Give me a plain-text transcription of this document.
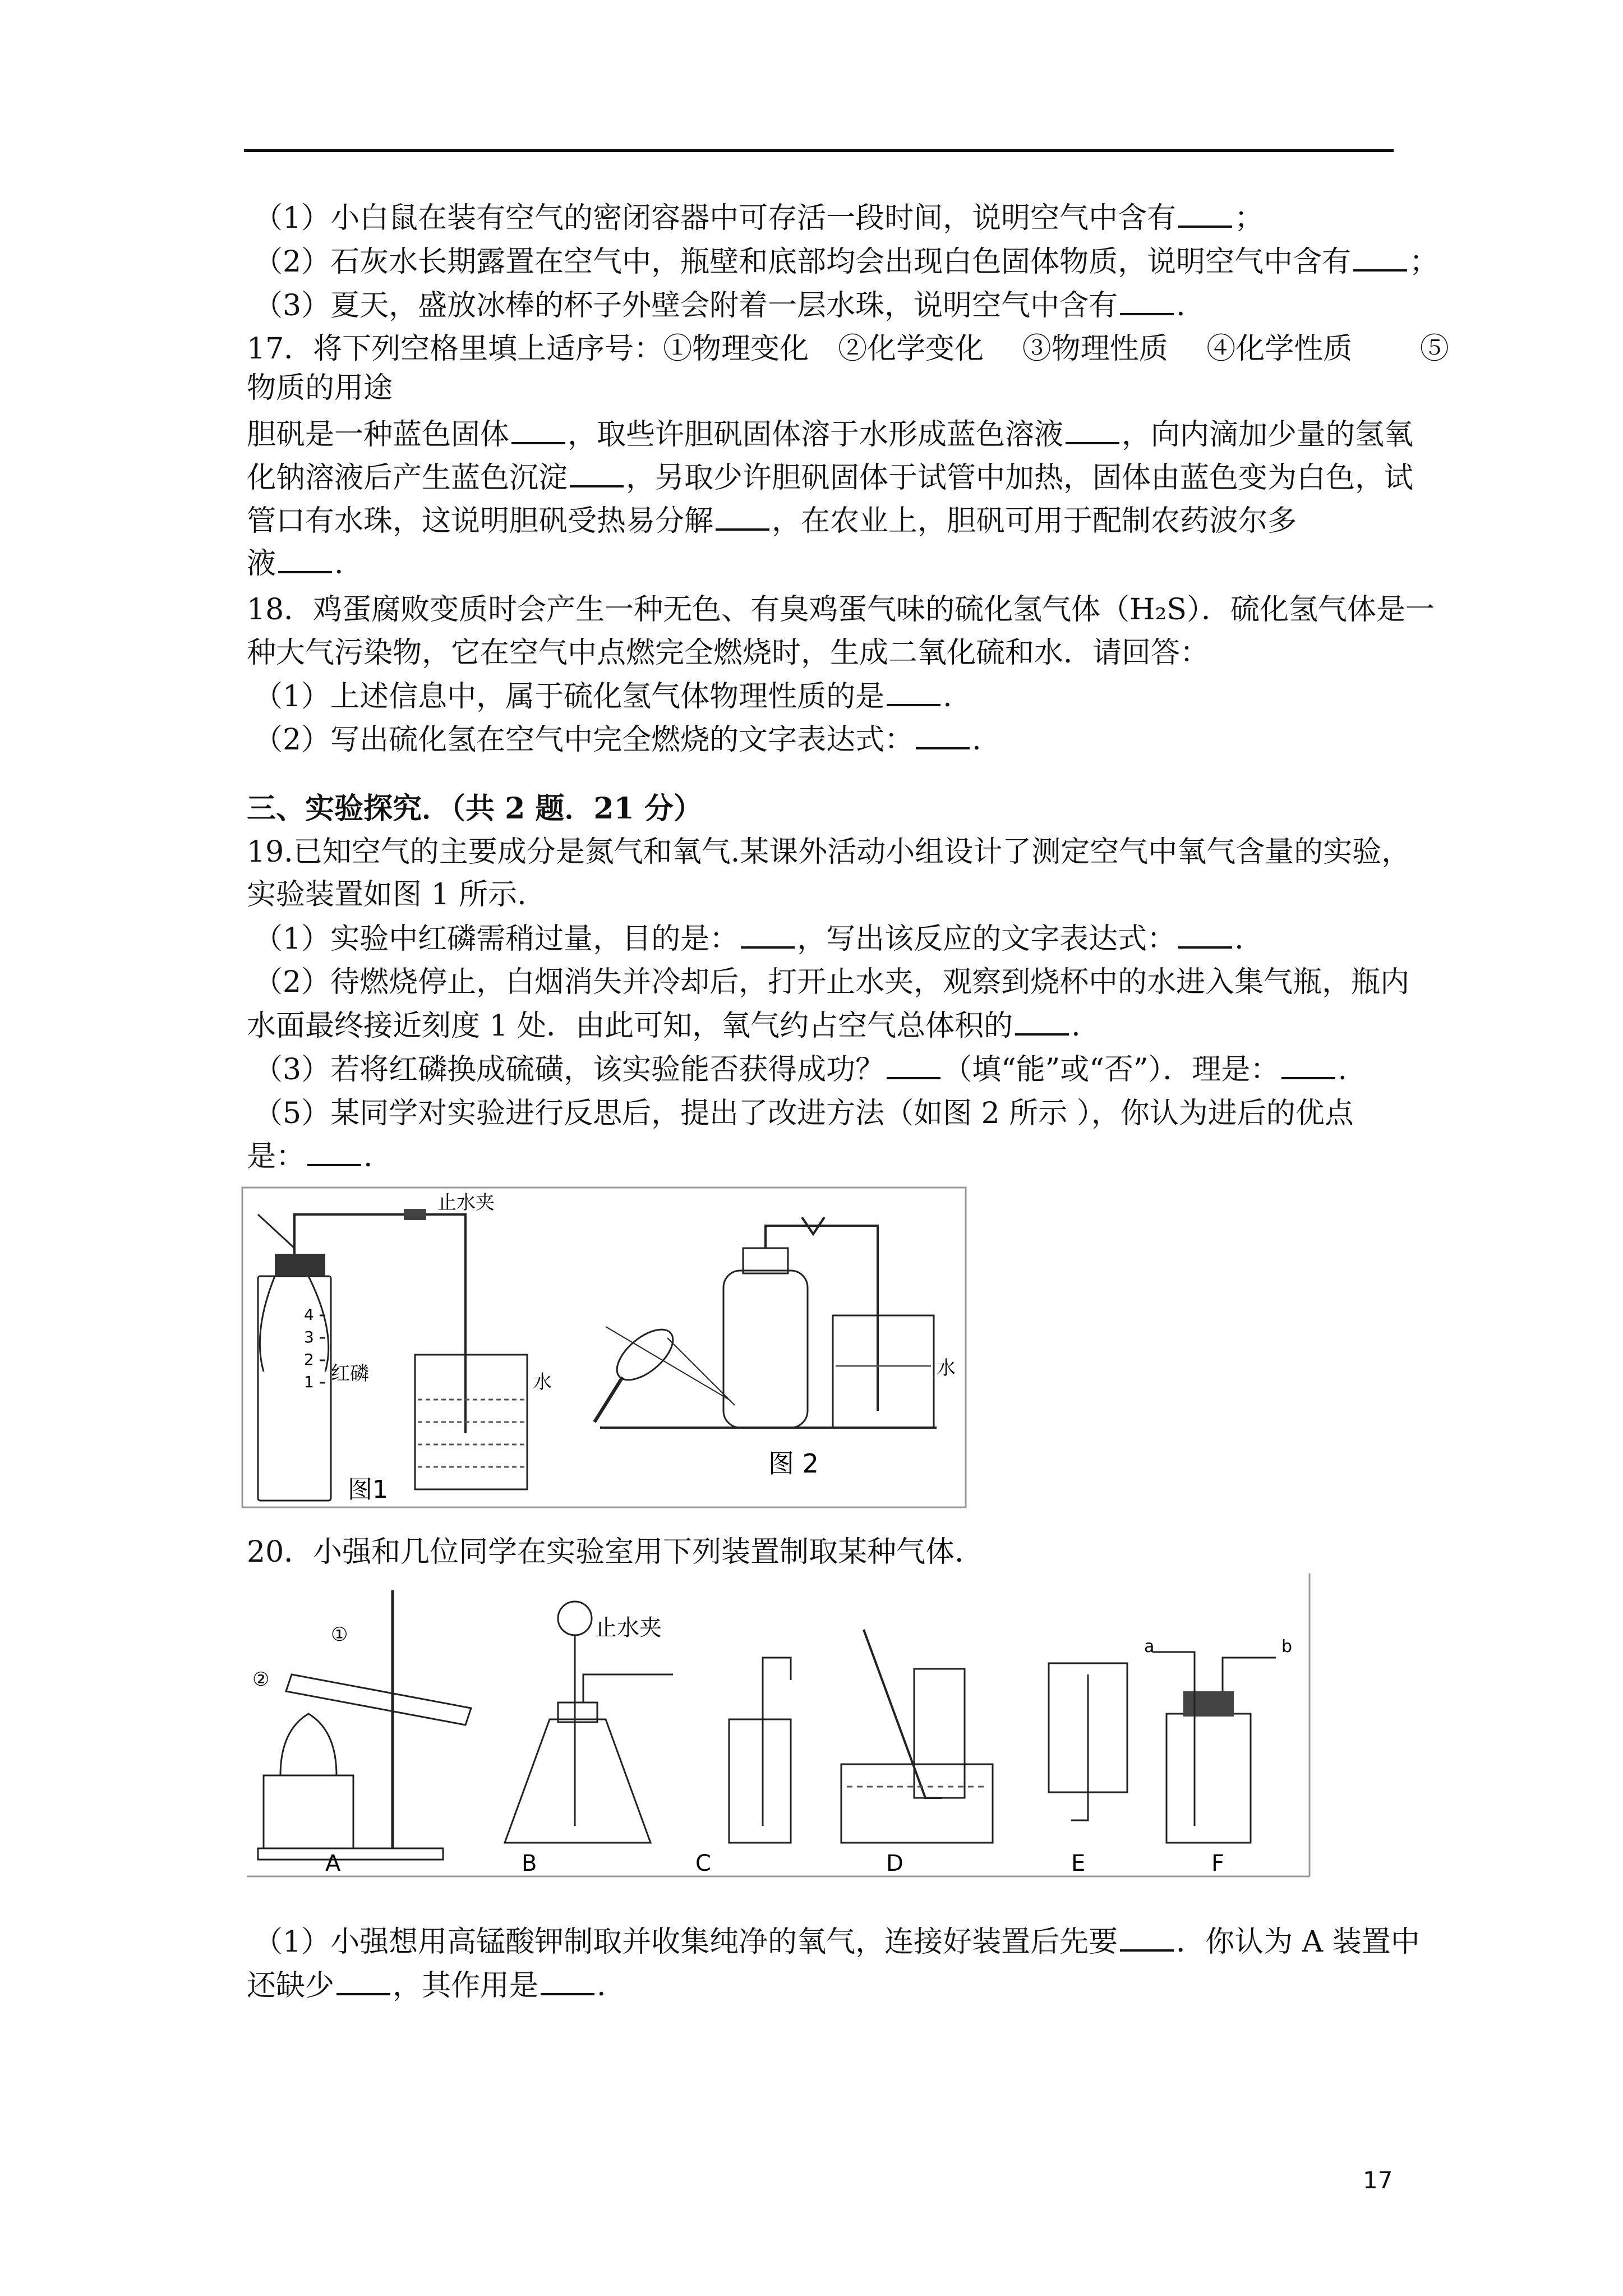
（1）小白鼠在装有空气的密闭容器中可存活一段时间，说明空气中含有 ；
（2）石灰水长期露置在空气中，瓶壁和底部均会出现白色固体物质，说明空气中含有 ；
（3）夏天，盛放冰棒的杯子外壁会附着一层水珠，说明空气中含有 .
17．将下列空格里填上适序号：①物理变化　②化学变化　 ③物理性质　 ④化学性质　　 ⑤
物质的用途
胆矾是一种蓝色固体 ，取些许胆矾固体溶于水形成蓝色溶液 ，向内滴加少量的氢氧
化钠溶液后产生蓝色沉淀 ，另取少许胆矾固体于试管中加热，固体由蓝色变为白色，试
管口有水珠，这说明胆矾受热易分解 ，在农业上，胆矾可用于配制农药波尔多
液 .
18．鸡蛋腐败变质时会产生一种无色、有臭鸡蛋气味的硫化氢气体（H₂S）．硫化氢气体是一
种大气污染物，它在空气中点燃完全燃烧时，生成二氧化硫和水．请回答：
（1）上述信息中，属于硫化氢气体物理性质的是 .
（2）写出硫化氢在空气中完全燃烧的文字表达式： .
三、实验探究．（共 2 题．21 分）
19.已知空气的主要成分是氮气和氧气.某课外活动小组设计了测定空气中氧气含量的实验，
实验装置如图 1 所示.
（1）实验中红磷需稍过量，目的是： ，写出该反应的文字表达式： .
（2）待燃烧停止，白烟消失并冷却后，打开止水夹，观察到烧杯中的水进入集气瓶，瓶内
水面最终接近刻度 1 处．由此可知，氧气约占空气总体积的 .
（3）若将红磷换成硫磺，该实验能否获得成功？ （填“能”或“否”）．理是： .
（5）某同学对实验进行反思后，提出了改进方法（如图 2 所示 ），你认为进后的优点
是： .
20．小强和几位同学在实验室用下列装置制取某种气体．
（1）小强想用高锰酸钾制取并收集纯净的氧气，连接好装置后先要 ．你认为 A 装置中
还缺少 ，其作用是 .
4
3
2
1
止水夹
红磷	水
图1
水
图 2
①
②
止水夹
a	b
A	B	C	D	E	F
17
